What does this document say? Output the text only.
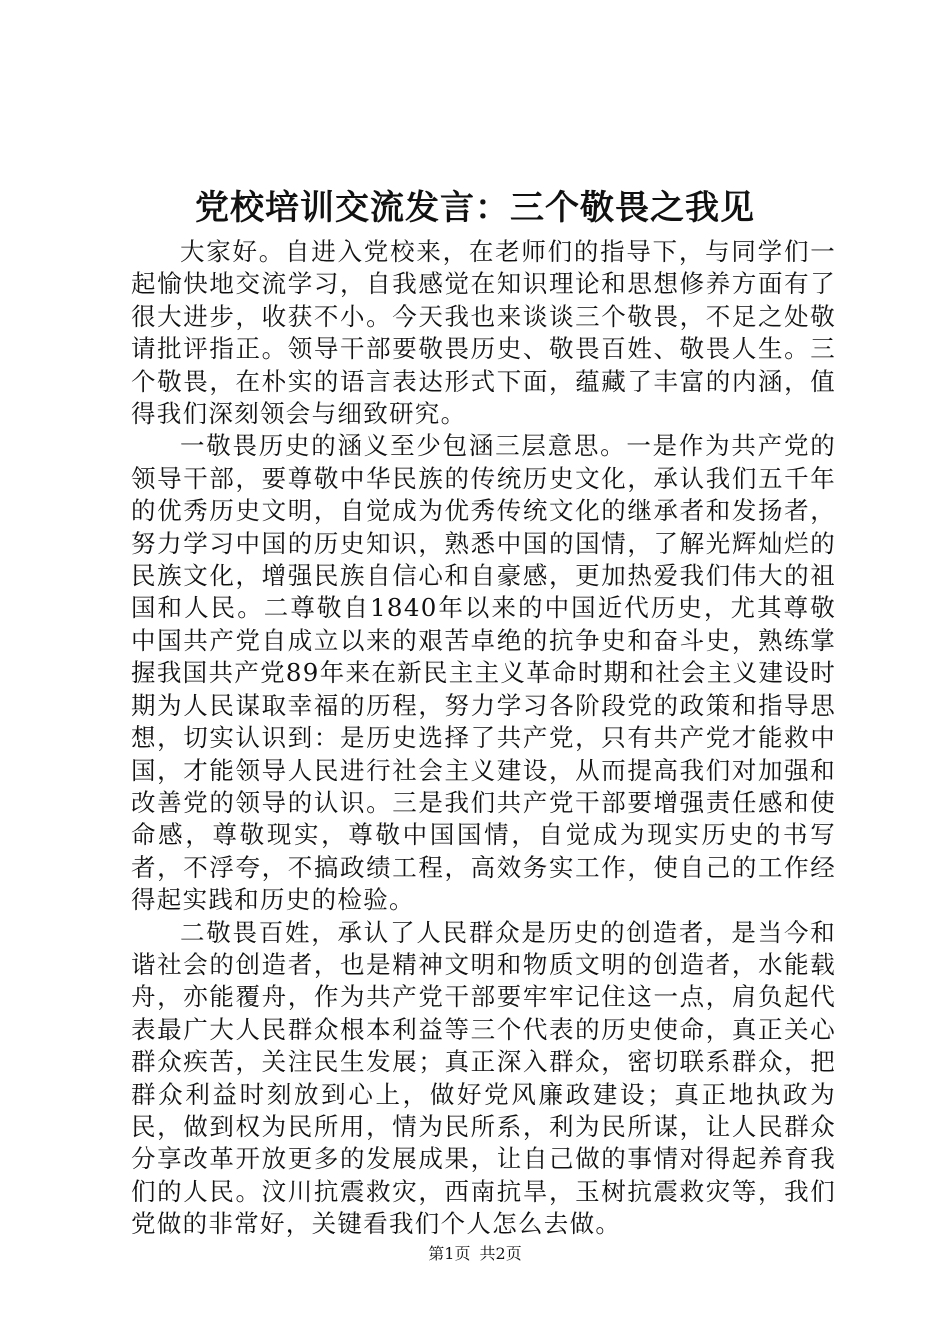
党校培训交流发言：三个敬畏之我见

大家好。自进入党校来，在老师们的指导下，与同学们一起愉快地交流学习，自我感觉在知识理论和思想修养方面有了很大进步，收获不小。今天我也来谈谈三个敬畏，不足之处敬请批评指正。领导干部要敬畏历史、敬畏百姓、敬畏人生。三个敬畏，在朴实的语言表达形式下面，蕴藏了丰富的内涵，值得我们深刻领会与细致研究。

一敬畏历史的涵义至少包涵三层意思。一是作为共产党的领导干部，要尊敬中华民族的传统历史文化，承认我们五千年的优秀历史文明，自觉成为优秀传统文化的继承者和发扬者，努力学习中国的历史知识，熟悉中国的国情，了解光辉灿烂的民族文化，增强民族自信心和自豪感，更加热爱我们伟大的祖国和人民。二尊敬自1840年以来的中国近代历史，尤其尊敬中国共产党自成立以来的艰苦卓绝的抗争史和奋斗史，熟练掌握我国共产党89年来在新民主主义革命时期和社会主义建设时期为人民谋取幸福的历程，努力学习各阶段党的政策和指导思想，切实认识到：是历史选择了共产党，只有共产党才能救中国，才能领导人民进行社会主义建设，从而提高我们对加强和改善党的领导的认识。三是我们共产党干部要增强责任感和使命感，尊敬现实，尊敬中国国情，自觉成为现实历史的书写者，不浮夸，不搞政绩工程，高效务实工作，使自己的工作经得起实践和历史的检验。

二敬畏百姓，承认了人民群众是历史的创造者，是当今和谐社会的创造者，也是精神文明和物质文明的创造者，水能载舟，亦能覆舟，作为共产党干部要牢牢记住这一点，肩负起代表最广大人民群众根本利益等三个代表的历史使命，真正关心群众疾苦，关注民生发展；真正深入群众，密切联系群众，把群众利益时刻放到心上，做好党风廉政建设；真正地执政为民，做到权为民所用，情为民所系，利为民所谋，让人民群众分享改革开放更多的发展成果，让自己做的事情对得起养育我们的人民。汶川抗震救灾，西南抗旱，玉树抗震救灾等，我们党做的非常好，关键看我们个人怎么去做。

第1页 共2页
